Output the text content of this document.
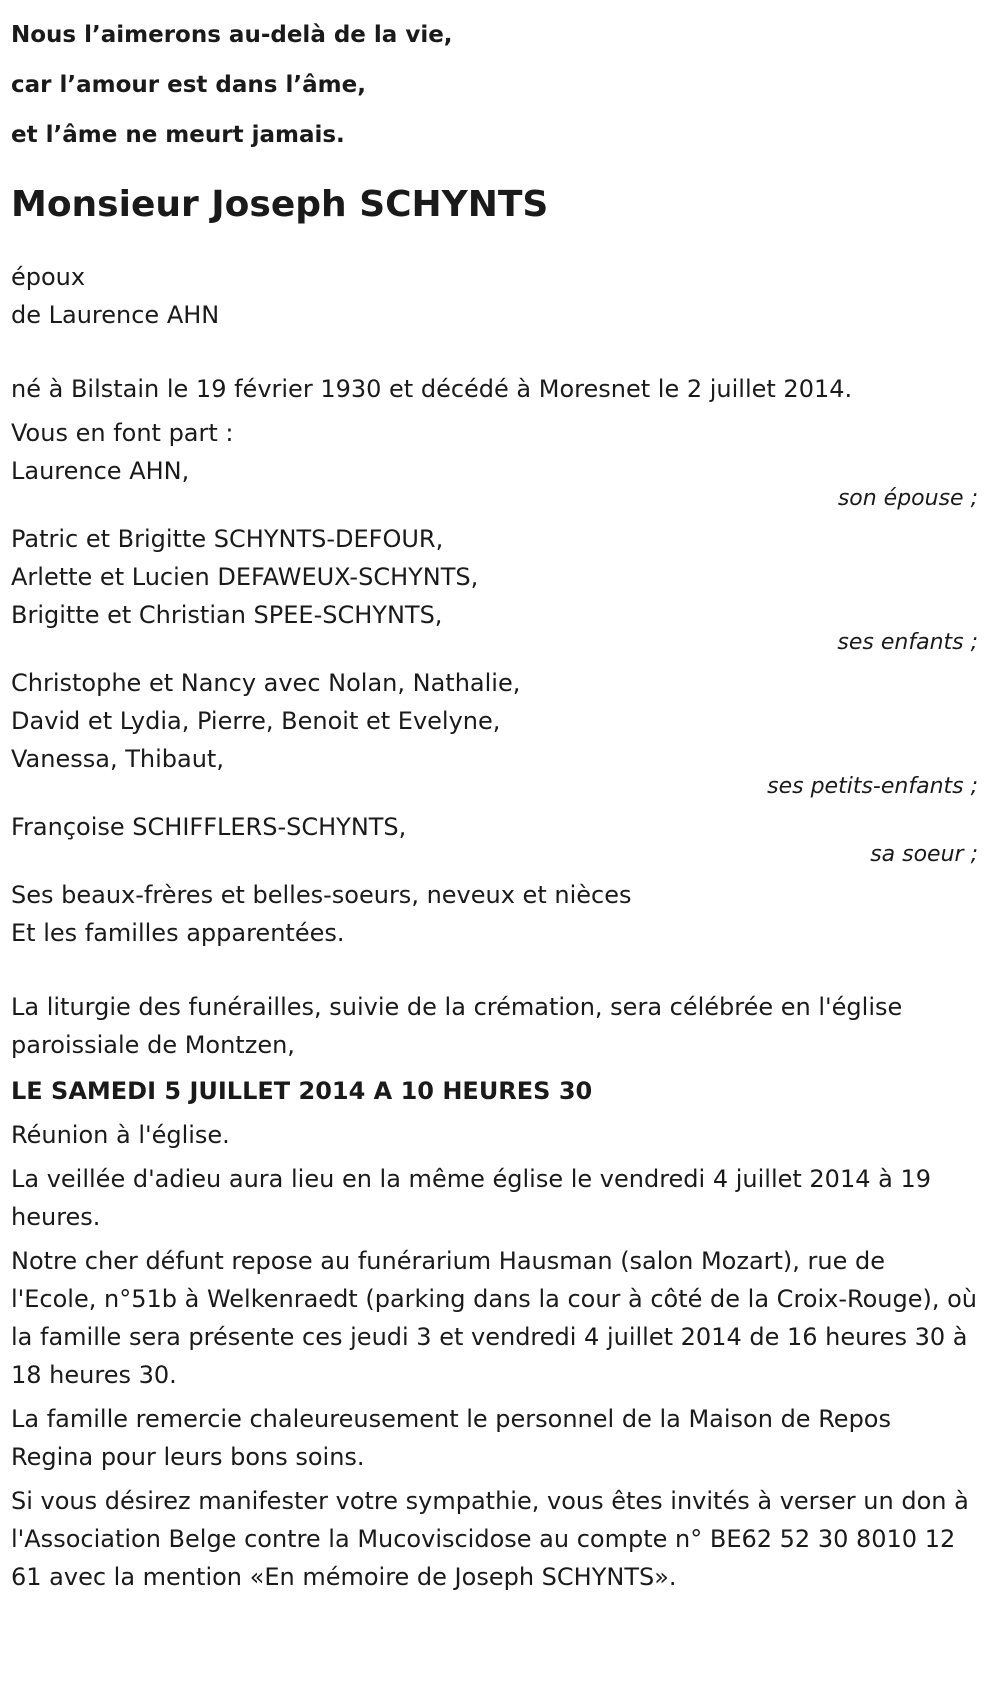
Nous l’aimerons au-delà de la vie,
car l’amour est dans l’âme,
et l’âme ne meurt jamais.
Monsieur Joseph SCHYNTS
époux
de Laurence AHN
né à Bilstain le 19 février 1930 et décédé à Moresnet le 2 juillet 2014.
Vous en font part :
Laurence AHN,
son épouse ;
Patric et Brigitte SCHYNTS-DEFOUR,
Arlette et Lucien DEFAWEUX-SCHYNTS,
Brigitte et Christian SPEE-SCHYNTS,
ses enfants ;
Christophe et Nancy avec Nolan, Nathalie,
David et Lydia, Pierre, Benoit et Evelyne,
Vanessa, Thibaut,
ses petits-enfants ;
Françoise SCHIFFLERS-SCHYNTS,
sa soeur ;
Ses beaux-frères et belles-soeurs, neveux et nièces
Et les familles apparentées.
La liturgie des funérailles, suivie de la crémation, sera célébrée en l'église paroissiale de Montzen,
LE SAMEDI 5 JUILLET 2014 A 10 HEURES 30
Réunion à l'église.
La veillée d'adieu aura lieu en la même église le vendredi 4 juillet 2014 à 19 heures.
Notre cher défunt repose au funérarium Hausman (salon Mozart), rue de l'Ecole, n°51b à Welkenraedt (parking dans la cour à côté de la Croix-Rouge), où la famille sera présente ces jeudi 3 et vendredi 4 juillet 2014 de 16 heures 30 à 18 heures 30.
La famille remercie chaleureusement le personnel de la Maison de Repos Regina pour leurs bons soins.
Si vous désirez manifester votre sympathie, vous êtes invités à verser un don à l'Association Belge contre la Mucoviscidose au compte n° BE62 52 30 8010 12 61 avec la mention «En mémoire de Joseph SCHYNTS».
